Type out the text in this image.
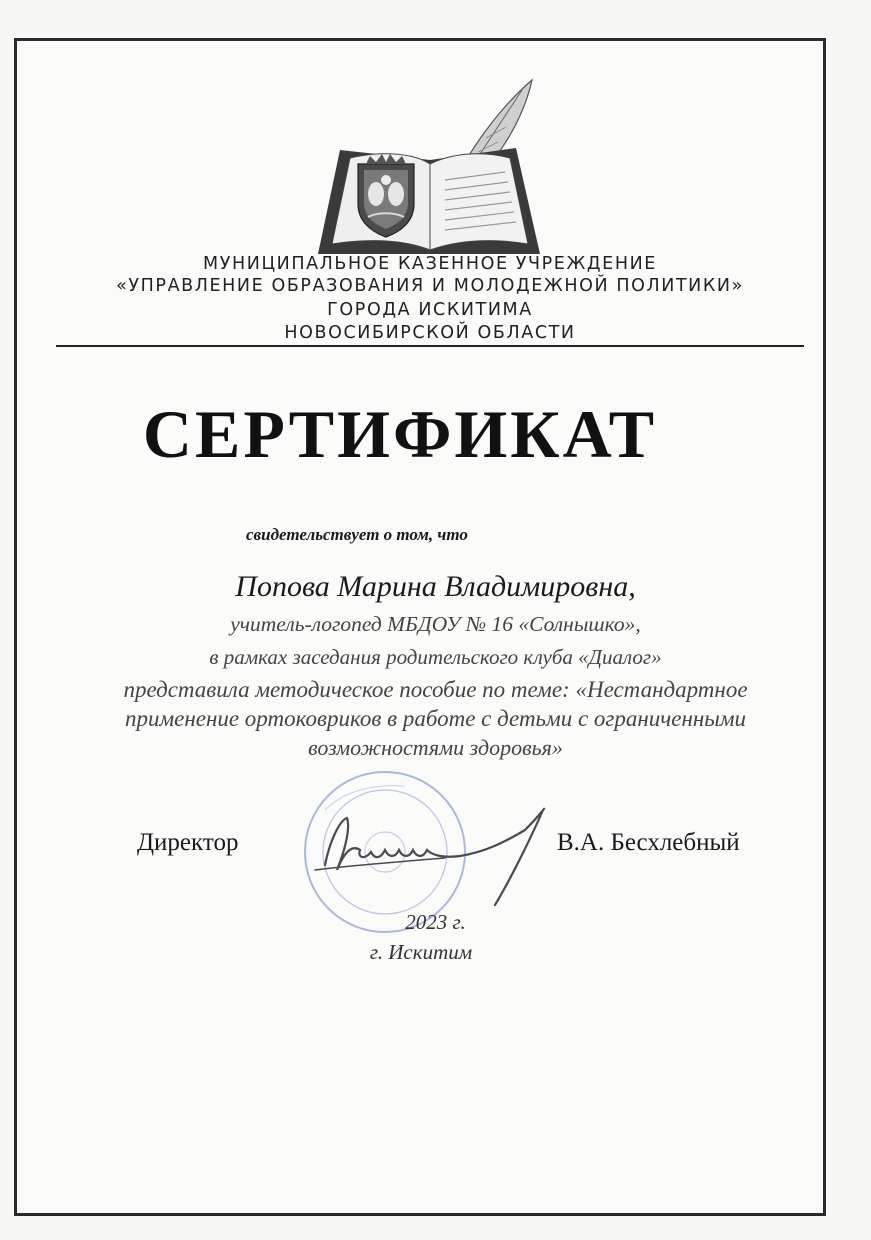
МУНИЦИПАЛЬНОЕ КАЗЕННОЕ УЧРЕЖДЕНИЕ
«УПРАВЛЕНИЕ ОБРАЗОВАНИЯ И МОЛОДЕЖНОЙ ПОЛИТИКИ»
ГОРОДА ИСКИТИМА
НОВОСИБИРСКОЙ ОБЛАСТИ
СЕРТИФИКАТ
свидетельствует о том, что
Попова Марина Владимировна,
учитель-логопед МБДОУ № 16 «Солнышко»,
в рамках заседания родительского клуба «Диалог»
представила методическое пособие по теме: «Нестандартное
применение ортоковриков в работе с детьми с ограниченными
возможностями здоровья»
Директор	В.А. Бесхлебный
2023 г.
г. Искитим
